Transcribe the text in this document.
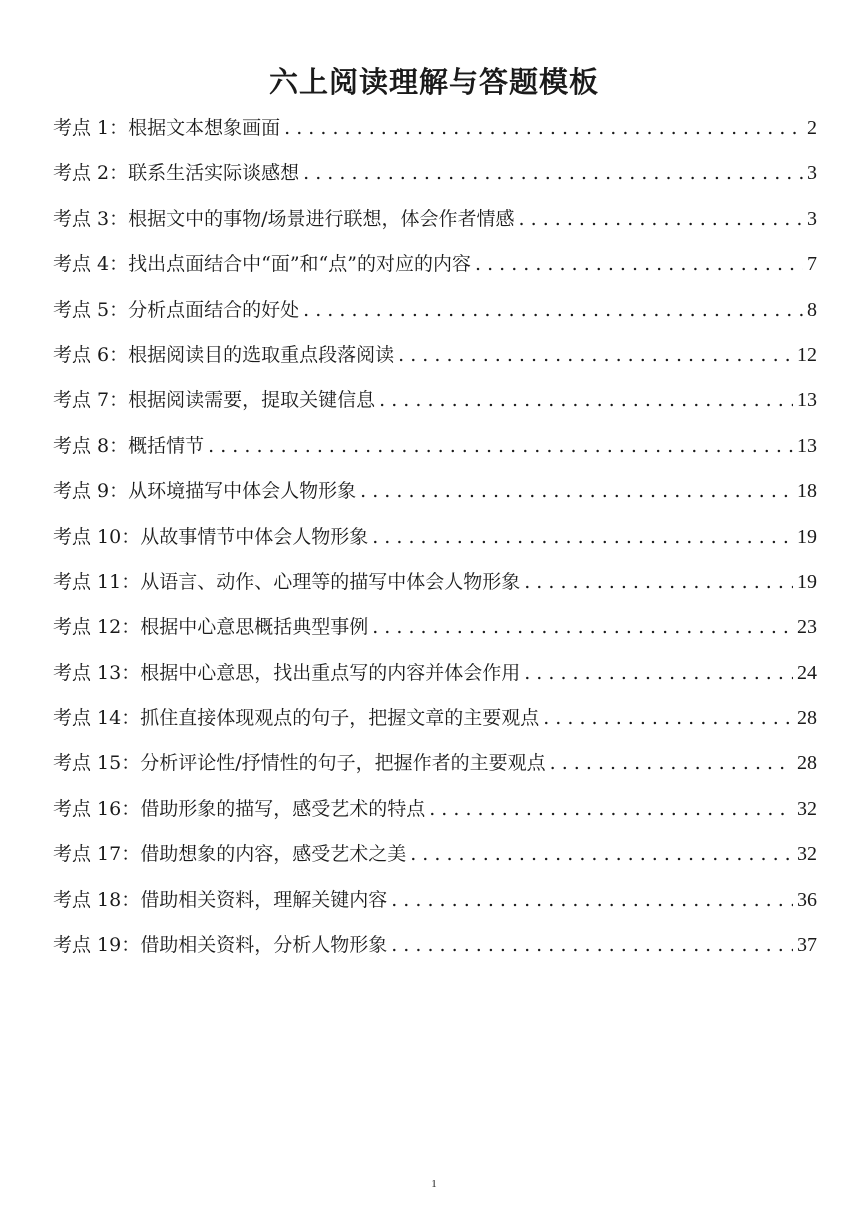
六上阅读理解与答题模板
考点 1：根据文本想象画面 . . .	2
考点 2：联系生活实际谈感想 . . .	3
考点 3：根据文中的事物/场景进行联想，体会作者情感 . . .	3
考点 4：找出点面结合中“面”和“点”的对应的内容 . . .	7
考点 5：分析点面结合的好处 . . .	8
考点 6：根据阅读目的选取重点段落阅读 . . .	12
考点 7：根据阅读需要，提取关键信息 . . .	13
考点 8：概括情节 . . .	13
考点 9：从环境描写中体会人物形象 . . .	18
考点 10：从故事情节中体会人物形象 . . .	19
考点 11：从语言、动作、心理等的描写中体会人物形象 . . .	19
考点 12：根据中心意思概括典型事例 . . .	23
考点 13：根据中心意思，找出重点写的内容并体会作用 . . .	24
考点 14：抓住直接体现观点的句子，把握文章的主要观点 . . .	28
考点 15：分析评论性/抒情性的句子，把握作者的主要观点 . . .	28
考点 16：借助形象的描写，感受艺术的特点 . . .	32
考点 17：借助想象的内容，感受艺术之美 . . .	32
考点 18：借助相关资料，理解关键内容 . . .	36
考点 19：借助相关资料，分析人物形象 . . .	37
1
